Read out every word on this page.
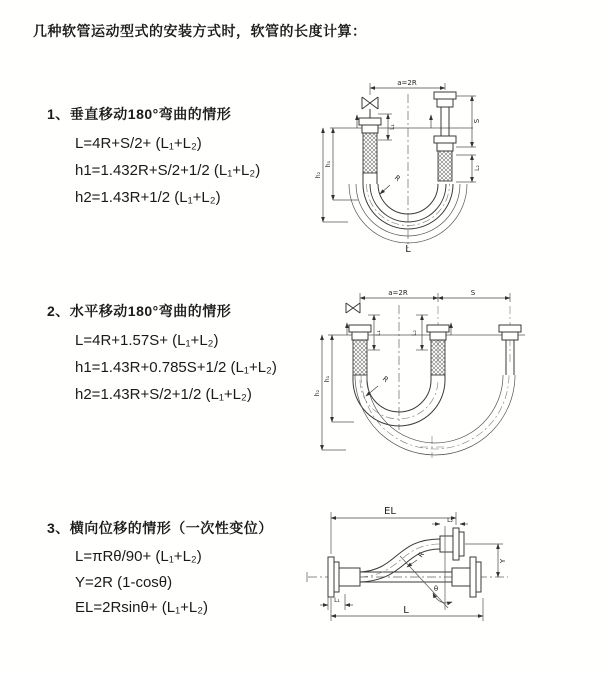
几种软管运动型式的安装方式时，软管的长度计算：
1、垂直移动180°弯曲的情形
L=4R+S/2+ (L₁+L₂)
h1=1.432R+S/2+1/2 (L₁+L₂)
h2=1.43R+1/2 (L₁+L₂)
a=2R
h₁
h₂
L₁
S
L₂
R
L
2、水平移动180°弯曲的情形
L=4R+1.57S+ (L₁+L₂)
h1=1.43R+0.785S+1/2 (L₁+L₂)
h2=1.43R+S/2+1/2 (L₁+L₂)
a=2R	S
h₁
h₂
L₁	L₂
R
3、横向位移的情形（一次性变位）
L=πRθ/90+ (L₁+L₂)
Y=2R (1-cosθ)
EL=2Rsinθ+ (L₁+L₂)
θ
R
EL
L₂
L₁
Y
L
